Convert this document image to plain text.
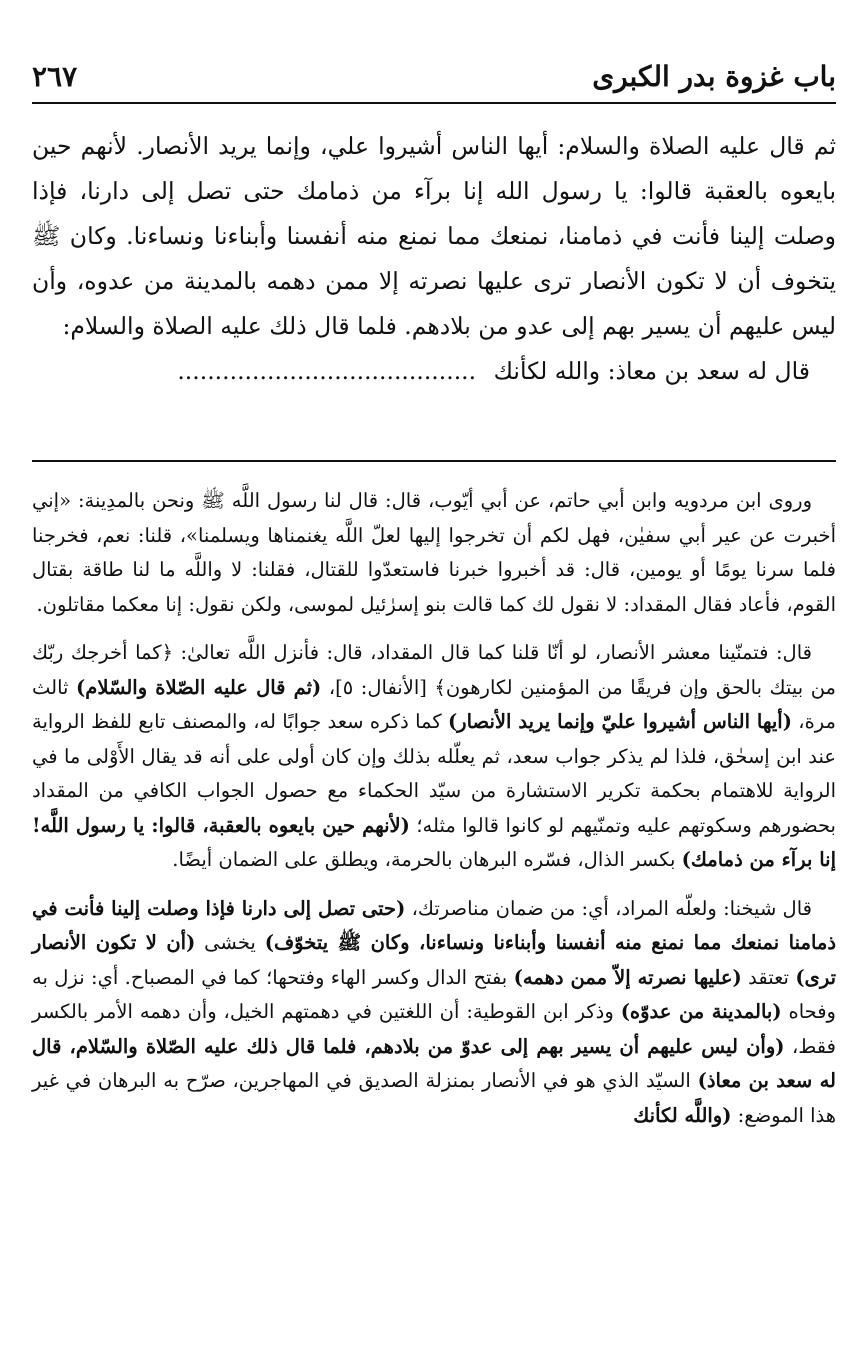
باب غزوة بدر الكبرى
٢٦٧

ثم قال عليه الصلاة والسلام: أيها الناس أشيروا علي، وإنما يريد الأنصار. لأنهم حين بايعوه بالعقبة قالوا: يا رسول الله إنا برآء من ذمامك حتى تصل إلى دارنا، فإذا وصلت إلينا فأنت في ذمامنا، نمنعك مما نمنع منه أنفسنا وأبناءنا ونساءنا. وكان ﷺ يتخوف أن لا تكون الأنصار ترى عليها نصرته إلا ممن دهمه بالمدينة من عدوه، وأن ليس عليهم أن يسير بهم إلى عدو من بلادهم. فلما قال ذلك عليه الصلاة والسلام:

قال له سعد بن معاذ: والله لكأنك ........................................

وروى ابن مردويه وابن أبي حاتم، عن أبي أيّوب، قال: قال لنا رسول اللَّه ﷺ ونحن بالمدِينة: «إني أخبرت عن عير أبي سفيٰن، فهل لكم أن تخرجوا إليها لعلّ اللَّه يغنمناها ويسلمنا»، قلنا: نعم، فخرجنا فلما سرنا يومًا أو يومين، قال: قد أخبروا خبرنا فاستعدّوا للقتال، فقلنا: لا واللَّه ما لنا طاقة بقتال القوم، فأعاد فقال المقداد: لا نقول لك كما قالت بنو إسرٰئيل لموسى، ولكن نقول: إنا معكما مقاتلون.

قال: فتمنّينا معشر الأنصار، لو أنّا قلنا كما قال المقداد، قال: فأنزل اللَّه تعالىٰ: ﴿كما أخرجك ربّك من بيتك بالحق وإن فريقًا من المؤمنين لكارهون﴾ [الأنفال: ٥]، (ثم قال عليه الصّلاة والسّلام) ثالث مرة، (أيها الناس أشيروا عليّ وإنما يريد الأنصار) كما ذكره سعد جوابًا له، والمصنف تابع للفظ الرواية عند ابن إسحٰق، فلذا لم يذكر جواب سعد، ثم يعلّله بذلك وإن كان أولى على أنه قد يقال الأَوْلى ما في الرواية للاهتمام بحكمة تكرير الاستشارة من سيّد الحكماء مع حصول الجواب الكافي من المقداد بحضورهم وسكوتهم عليه وتمنّيهم لو كانوا قالوا مثله؛ (لأنهم حين بايعوه بالعقبة، قالوا: يا رسول اللَّه! إنا برآء من ذمامك) بكسر الذال، فسّره البرهان بالحرمة، ويطلق على الضمان أيضًا.

قال شيخنا: ولعلّه المراد، أي: من ضمان مناصرتك، (حتى تصل إلى دارنا فإذا وصلت إلينا فأنت في ذمامنا نمنعك مما نمنع منه أنفسنا وأبناءنا ونساءنا، وكان ﷺ يتخوّف) يخشى (أن لا تكون الأنصار ترى) تعتقد (عليها نصرته إلاّ ممن دهمه) بفتح الدال وكسر الهاء وفتحها؛ كما في المصباح. أي: نزل به وفحاه (بالمدينة من عدوّه) وذكر ابن القوطية: أن اللغتين في دهمتهم الخيل، وأن دهمه الأمر بالكسر فقط، (وأن ليس عليهم أن يسير بهم إلى عدوّ من بلادهم، فلما قال ذلك عليه الصّلاة والسّلام، قال له سعد بن معاذ) السيّد الذي هو في الأنصار بمنزلة الصديق في المهاجرين، صرّح به البرهان في غير هذا الموضع: (واللَّه لكأنك
